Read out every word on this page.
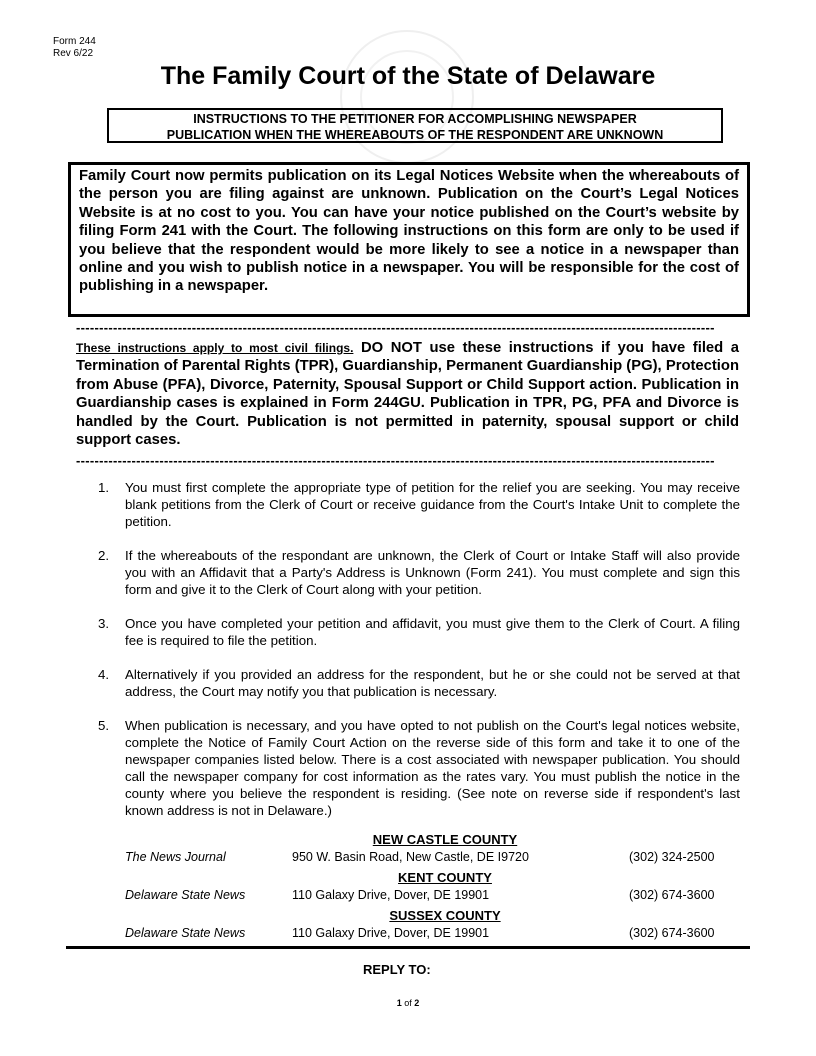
Form 244
Rev 6/22
The Family Court of the State of Delaware
INSTRUCTIONS TO THE PETITIONER FOR ACCOMPLISHING NEWSPAPER
PUBLICATION WHEN THE WHEREABOUTS OF THE RESPONDENT ARE UNKNOWN
Family Court now permits publication on its Legal Notices Website when the whereabouts of the person you are filing against are unknown. Publication on the Court’s Legal Notices Website is at no cost to you. You can have your notice published on the Court’s website by filing Form 241 with the Court. The following instructions on this form are only to be used if you believe that the respondent would be more likely to see a notice in a newspaper than online and you wish to publish notice in a newspaper. You will be responsible for the cost of publishing in a newspaper.
------------------------------------------------------------------------------------------------------------------------------------------
These instructions apply to most civil filings. DO NOT use these instructions if you have filed a Termination of Parental Rights (TPR), Guardianship, Permanent Guardianship (PG), Protection from Abuse (PFA), Divorce, Paternity, Spousal Support or Child Support action. Publication in Guardianship cases is explained in Form 244GU. Publication in TPR, PG, PFA and Divorce is handled by the Court. Publication is not permitted in paternity, spousal support or child support cases.
------------------------------------------------------------------------------------------------------------------------------------------
1. You must first complete the appropriate type of petition for the relief you are seeking. You may receive blank petitions from the Clerk of Court or receive guidance from the Court's Intake Unit to complete the petition.
2. If the whereabouts of the respondant are unknown, the Clerk of Court or Intake Staff will also provide you with an Affidavit that a Party's Address is Unknown (Form 241). You must complete and sign this form and give it to the Clerk of Court along with your petition.
3. Once you have completed your petition and affidavit, you must give them to the Clerk of Court. A filing fee is required to file the petition.
4. Alternatively if you provided an address for the respondent, but he or she could not be served at that address, the Court may notify you that publication is necessary.
5. When publication is necessary, and you have opted to not publish on the Court's legal notices website, complete the Notice of Family Court Action on the reverse side of this form and take it to one of the newspaper companies listed below. There is a cost associated with newspaper publication. You should call the newspaper company for cost information as the rates vary. You must publish the notice in the county where you believe the respondent is residing. (See note on reverse side if respondent's last known address is not in Delaware.)
NEW CASTLE COUNTY
The News Journal	950 W. Basin Road, New Castle, DE I9720	(302) 324-2500
KENT COUNTY
Delaware State News	110 Galaxy Drive, Dover, DE 19901	(302) 674-3600
SUSSEX COUNTY
Delaware State News	110 Galaxy Drive, Dover, DE 19901	(302) 674-3600
REPLY TO:
1 of 2
